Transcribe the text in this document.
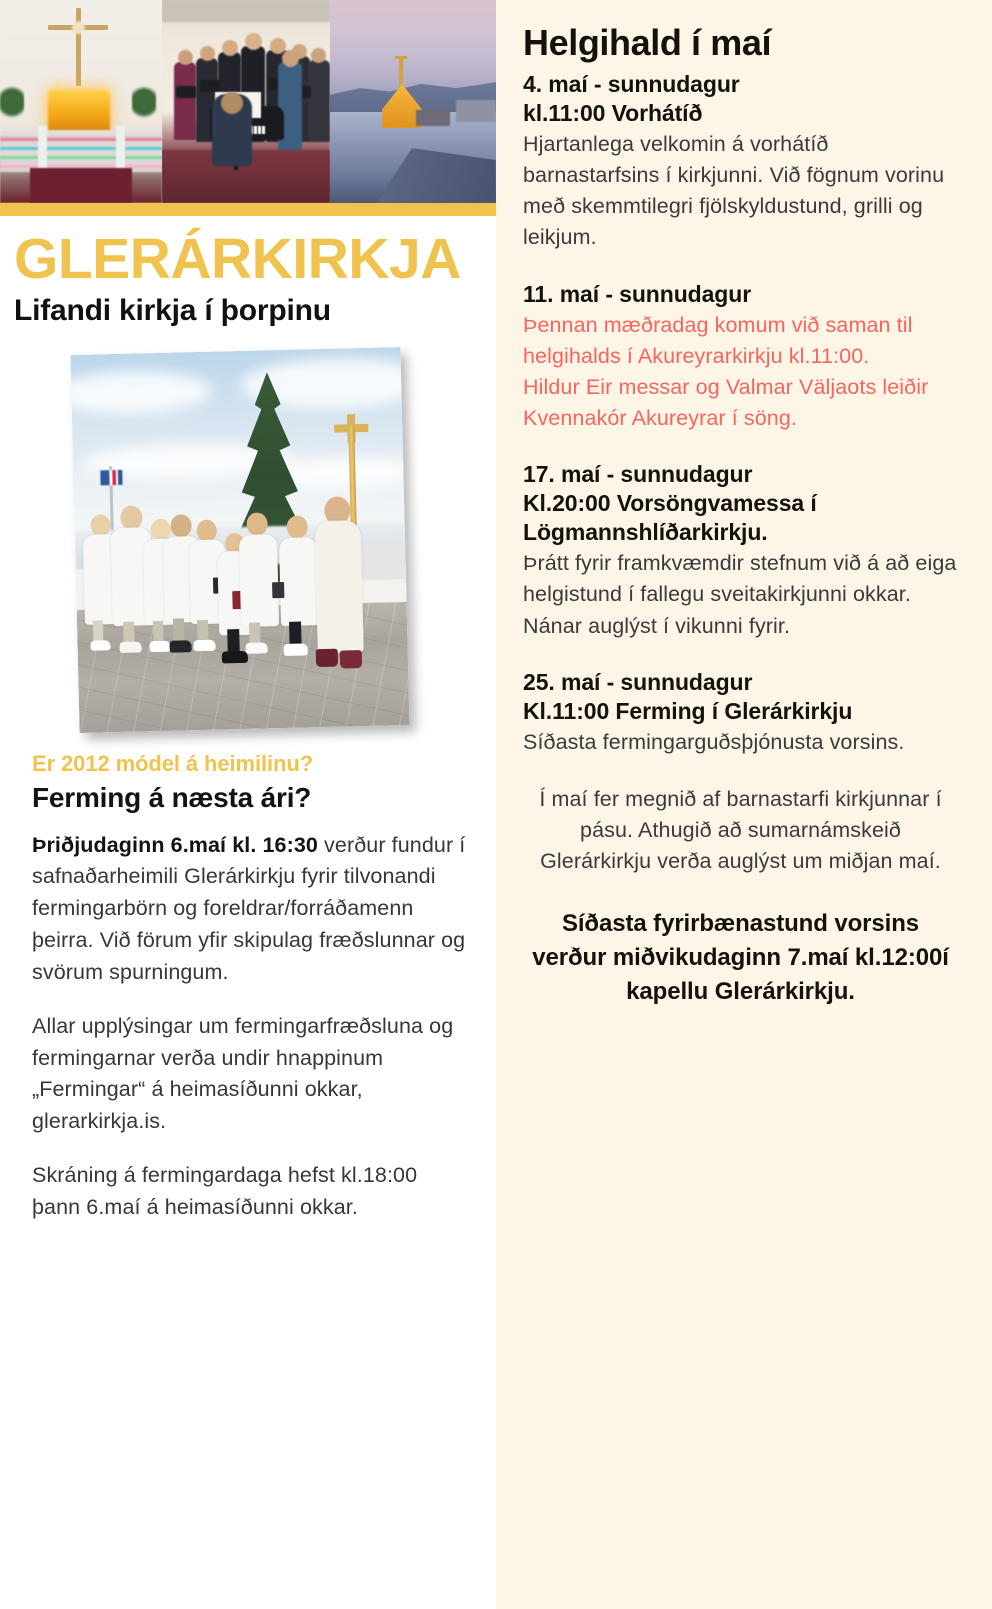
GLERÁRKIRKJA
Lifandi kirkja í þorpinu
Er 2012 módel á heimilinu?
Ferming á næsta ári?

Þriðjudaginn 6.maí kl. 16:30 verður fundur í safnaðarheimili Glerárkirkju fyrir tilvonandi fermingarbörn og foreldrar/forráðamenn þeirra. Við förum yfir skipulag fræðslunnar og svörum spurningum.

Allar upplýsingar um fermingarfræðsluna og fermingarnar verða undir hnappinum „Fermingar“ á heimasíðunni okkar, glerarkirkja.is.

Skráning á fermingardaga hefst kl.18:00 þann 6.maí á heimasíðunni okkar.

Helgihald í maí
4. maí - sunnudagur
kl.11:00 Vorhátíð
Hjartanlega velkomin á vorhátíð barnastarfsins í kirkjunni. Við fögnum vorinu með skemmtilegri fjölskyldustund, grilli og leikjum.
11. maí - sunnudagur
Þennan mæðradag komum við saman til helgihalds í Akureyrarkirkju kl.11:00.
Hildur Eir messar og Valmar Väljaots leiðir Kvennakór Akureyrar í söng.
17. maí - sunnudagur
Kl.20:00 Vorsöngvamessa í Lögmannshlíðarkirkju.
Þrátt fyrir framkvæmdir stefnum við á að eiga helgistund í fallegu sveitakirkjunni okkar. Nánar auglýst í vikunni fyrir.
25. maí - sunnudagur
Kl.11:00 Ferming í Glerárkirkju
Síðasta fermingarguðsþjónusta vorsins.
Í maí fer megnið af barnastarfi kirkjunnar í pásu. Athugið að sumarnámskeið Glerárkirkju verða auglýst um miðjan maí.
Síðasta fyrirbænastund vorsins verður miðvikudaginn 7.maí kl.12:00í kapellu Glerárkirkju.
